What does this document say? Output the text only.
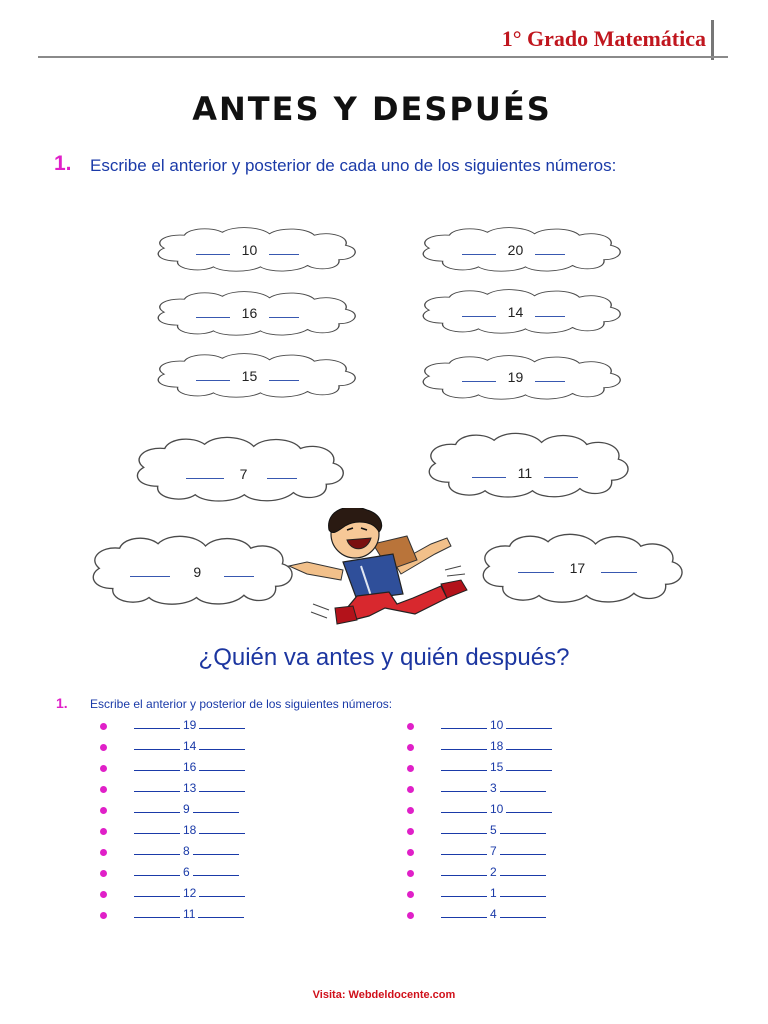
1° Grado Matemática
ANTES Y DESPUÉS
1. Escribe el anterior y posterior de cada uno de los siguientes números:
10	20
16	14
15	19
7	11
9	17
¿Quién va antes y quién después?
1. Escribe el anterior y posterior de los siguientes números:
19
14
16
13
9
18
8
6
12
11
10
18
15
3
10
5
7
2
1
4
Visita: Webdeldocente.com
